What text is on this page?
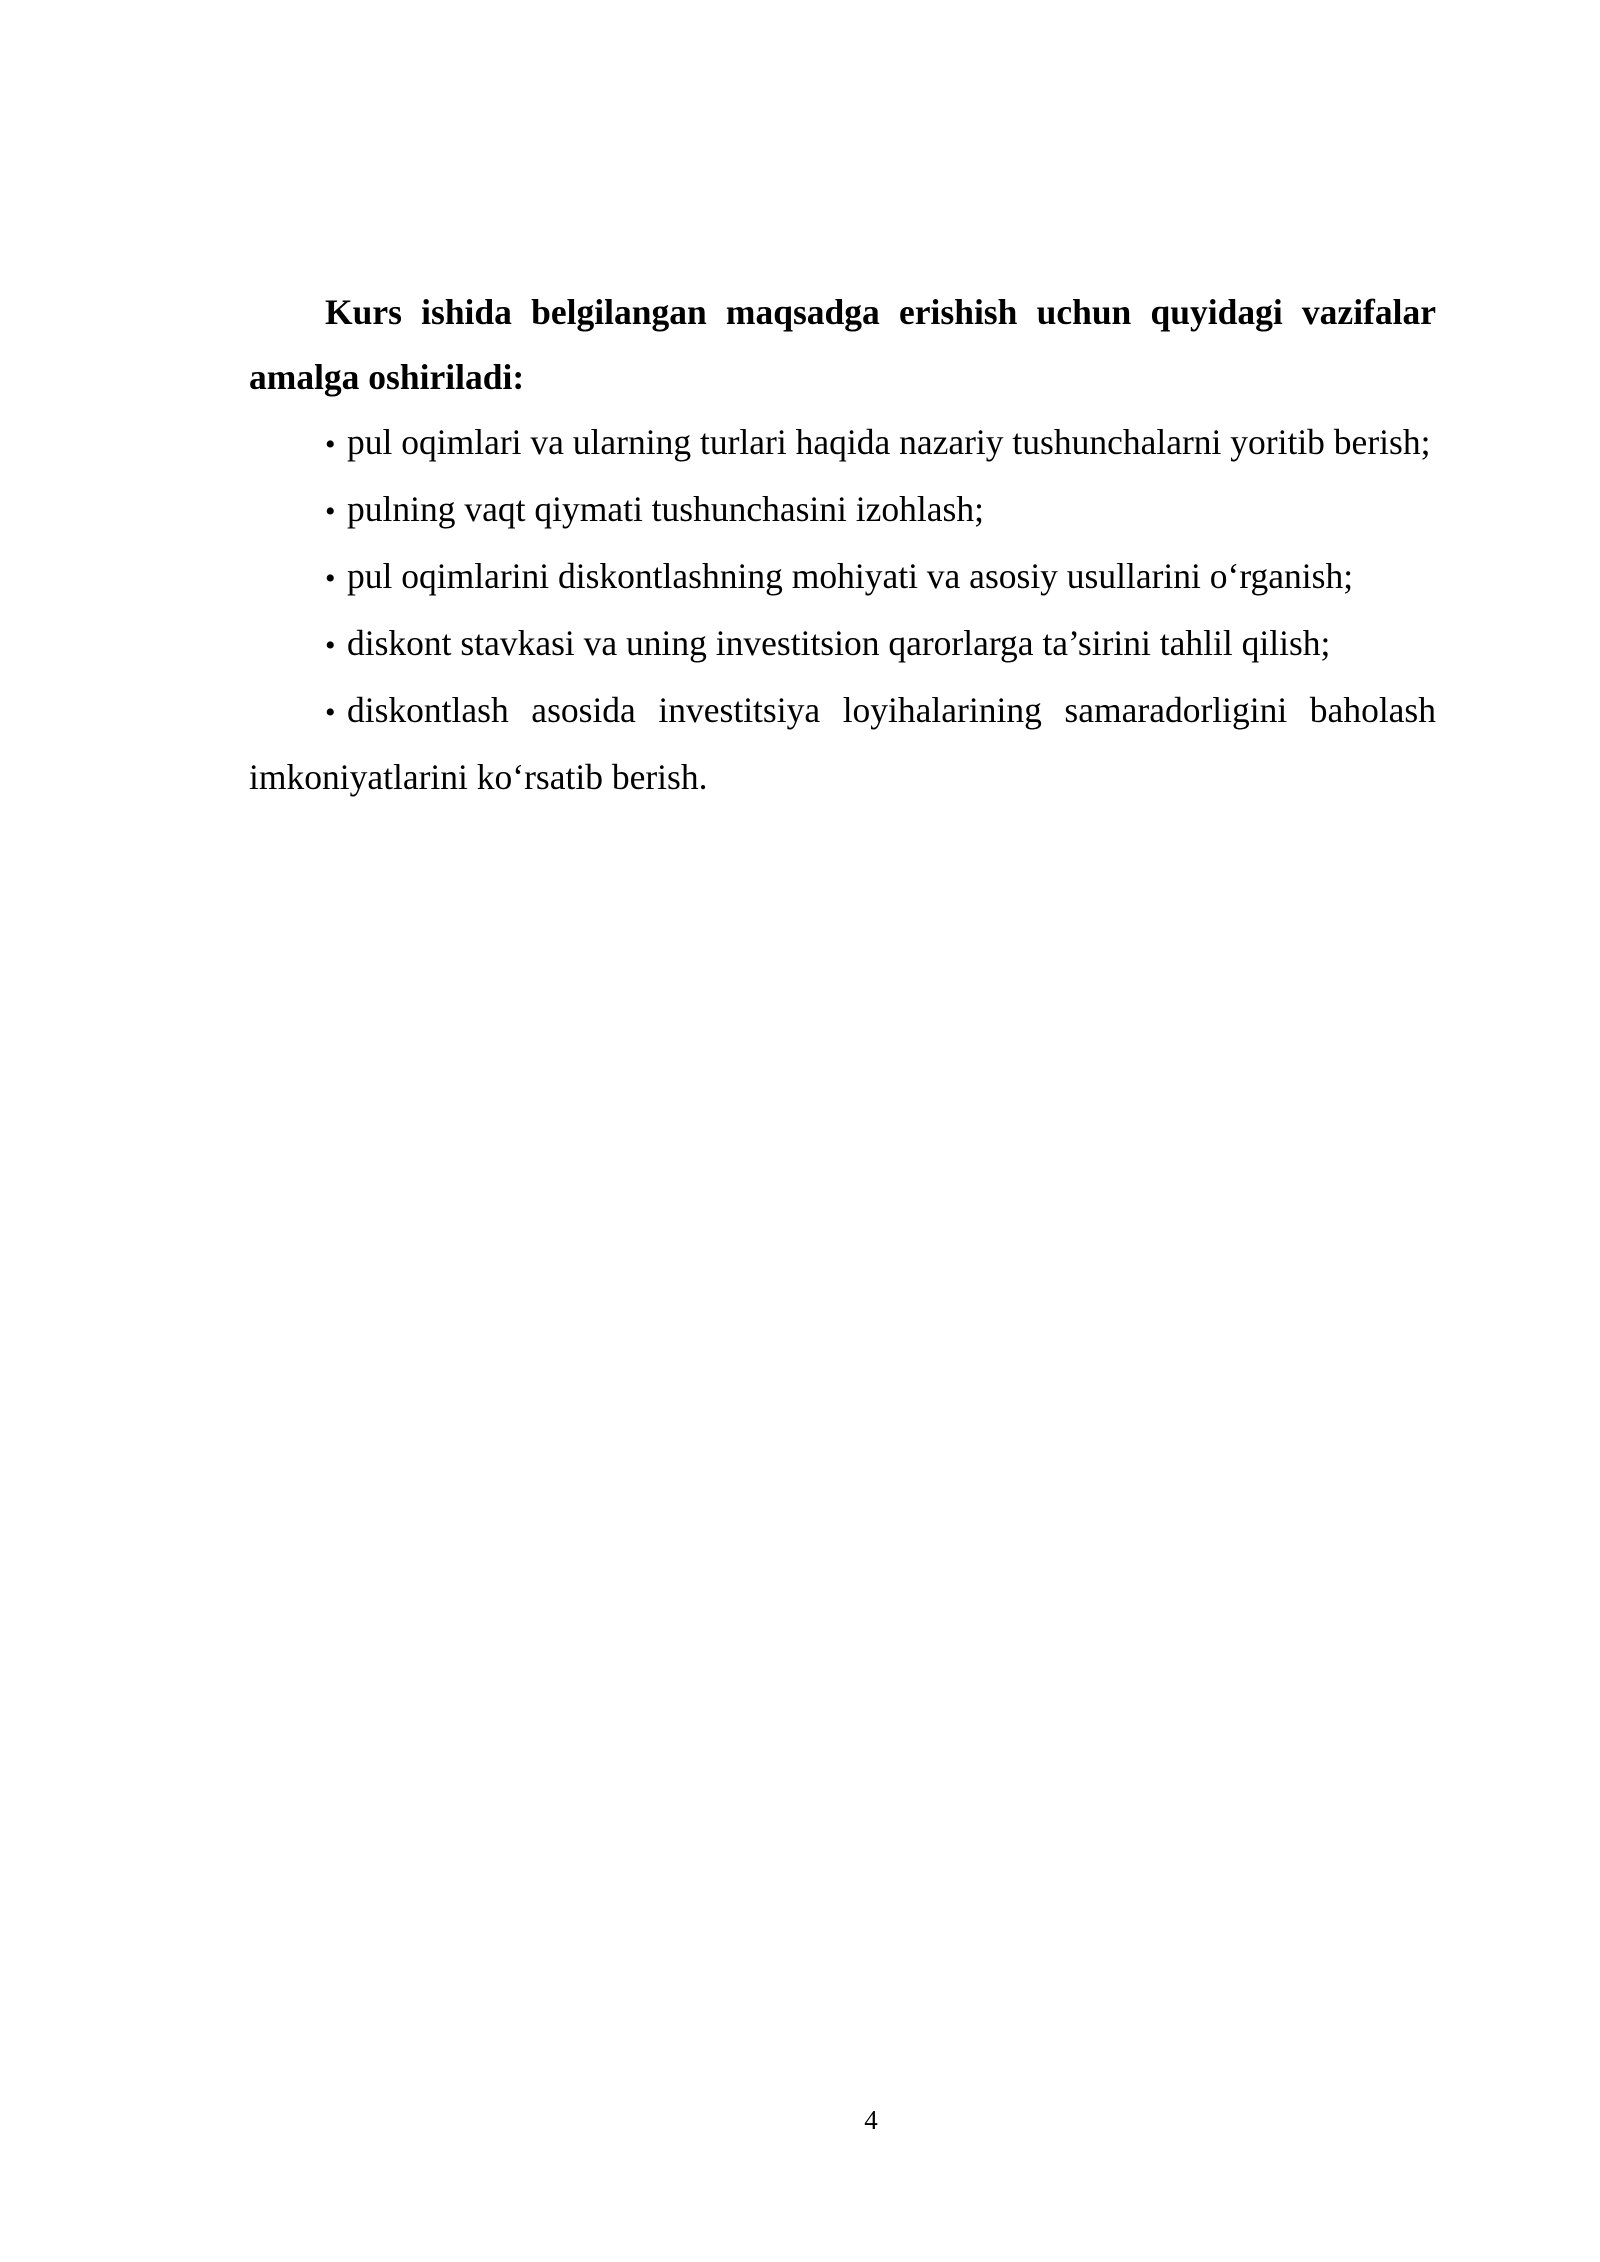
Kurs ishida belgilangan maqsadga erishish uchun quyidagi vazifalar amalga oshiriladi:

• pul oqimlari va ularning turlari haqida nazariy tushunchalarni yoritib berish;

• pulning vaqt qiymati tushunchasini izohlash;

• pul oqimlarini diskontlashning mohiyati va asosiy usullarini o‘rganish;

• diskont stavkasi va uning investitsion qarorlarga ta’sirini tahlil qilish;

• diskontlash asosida investitsiya loyihalarining samaradorligini baholash imkoniyatlarini ko‘rsatib berish.

4
